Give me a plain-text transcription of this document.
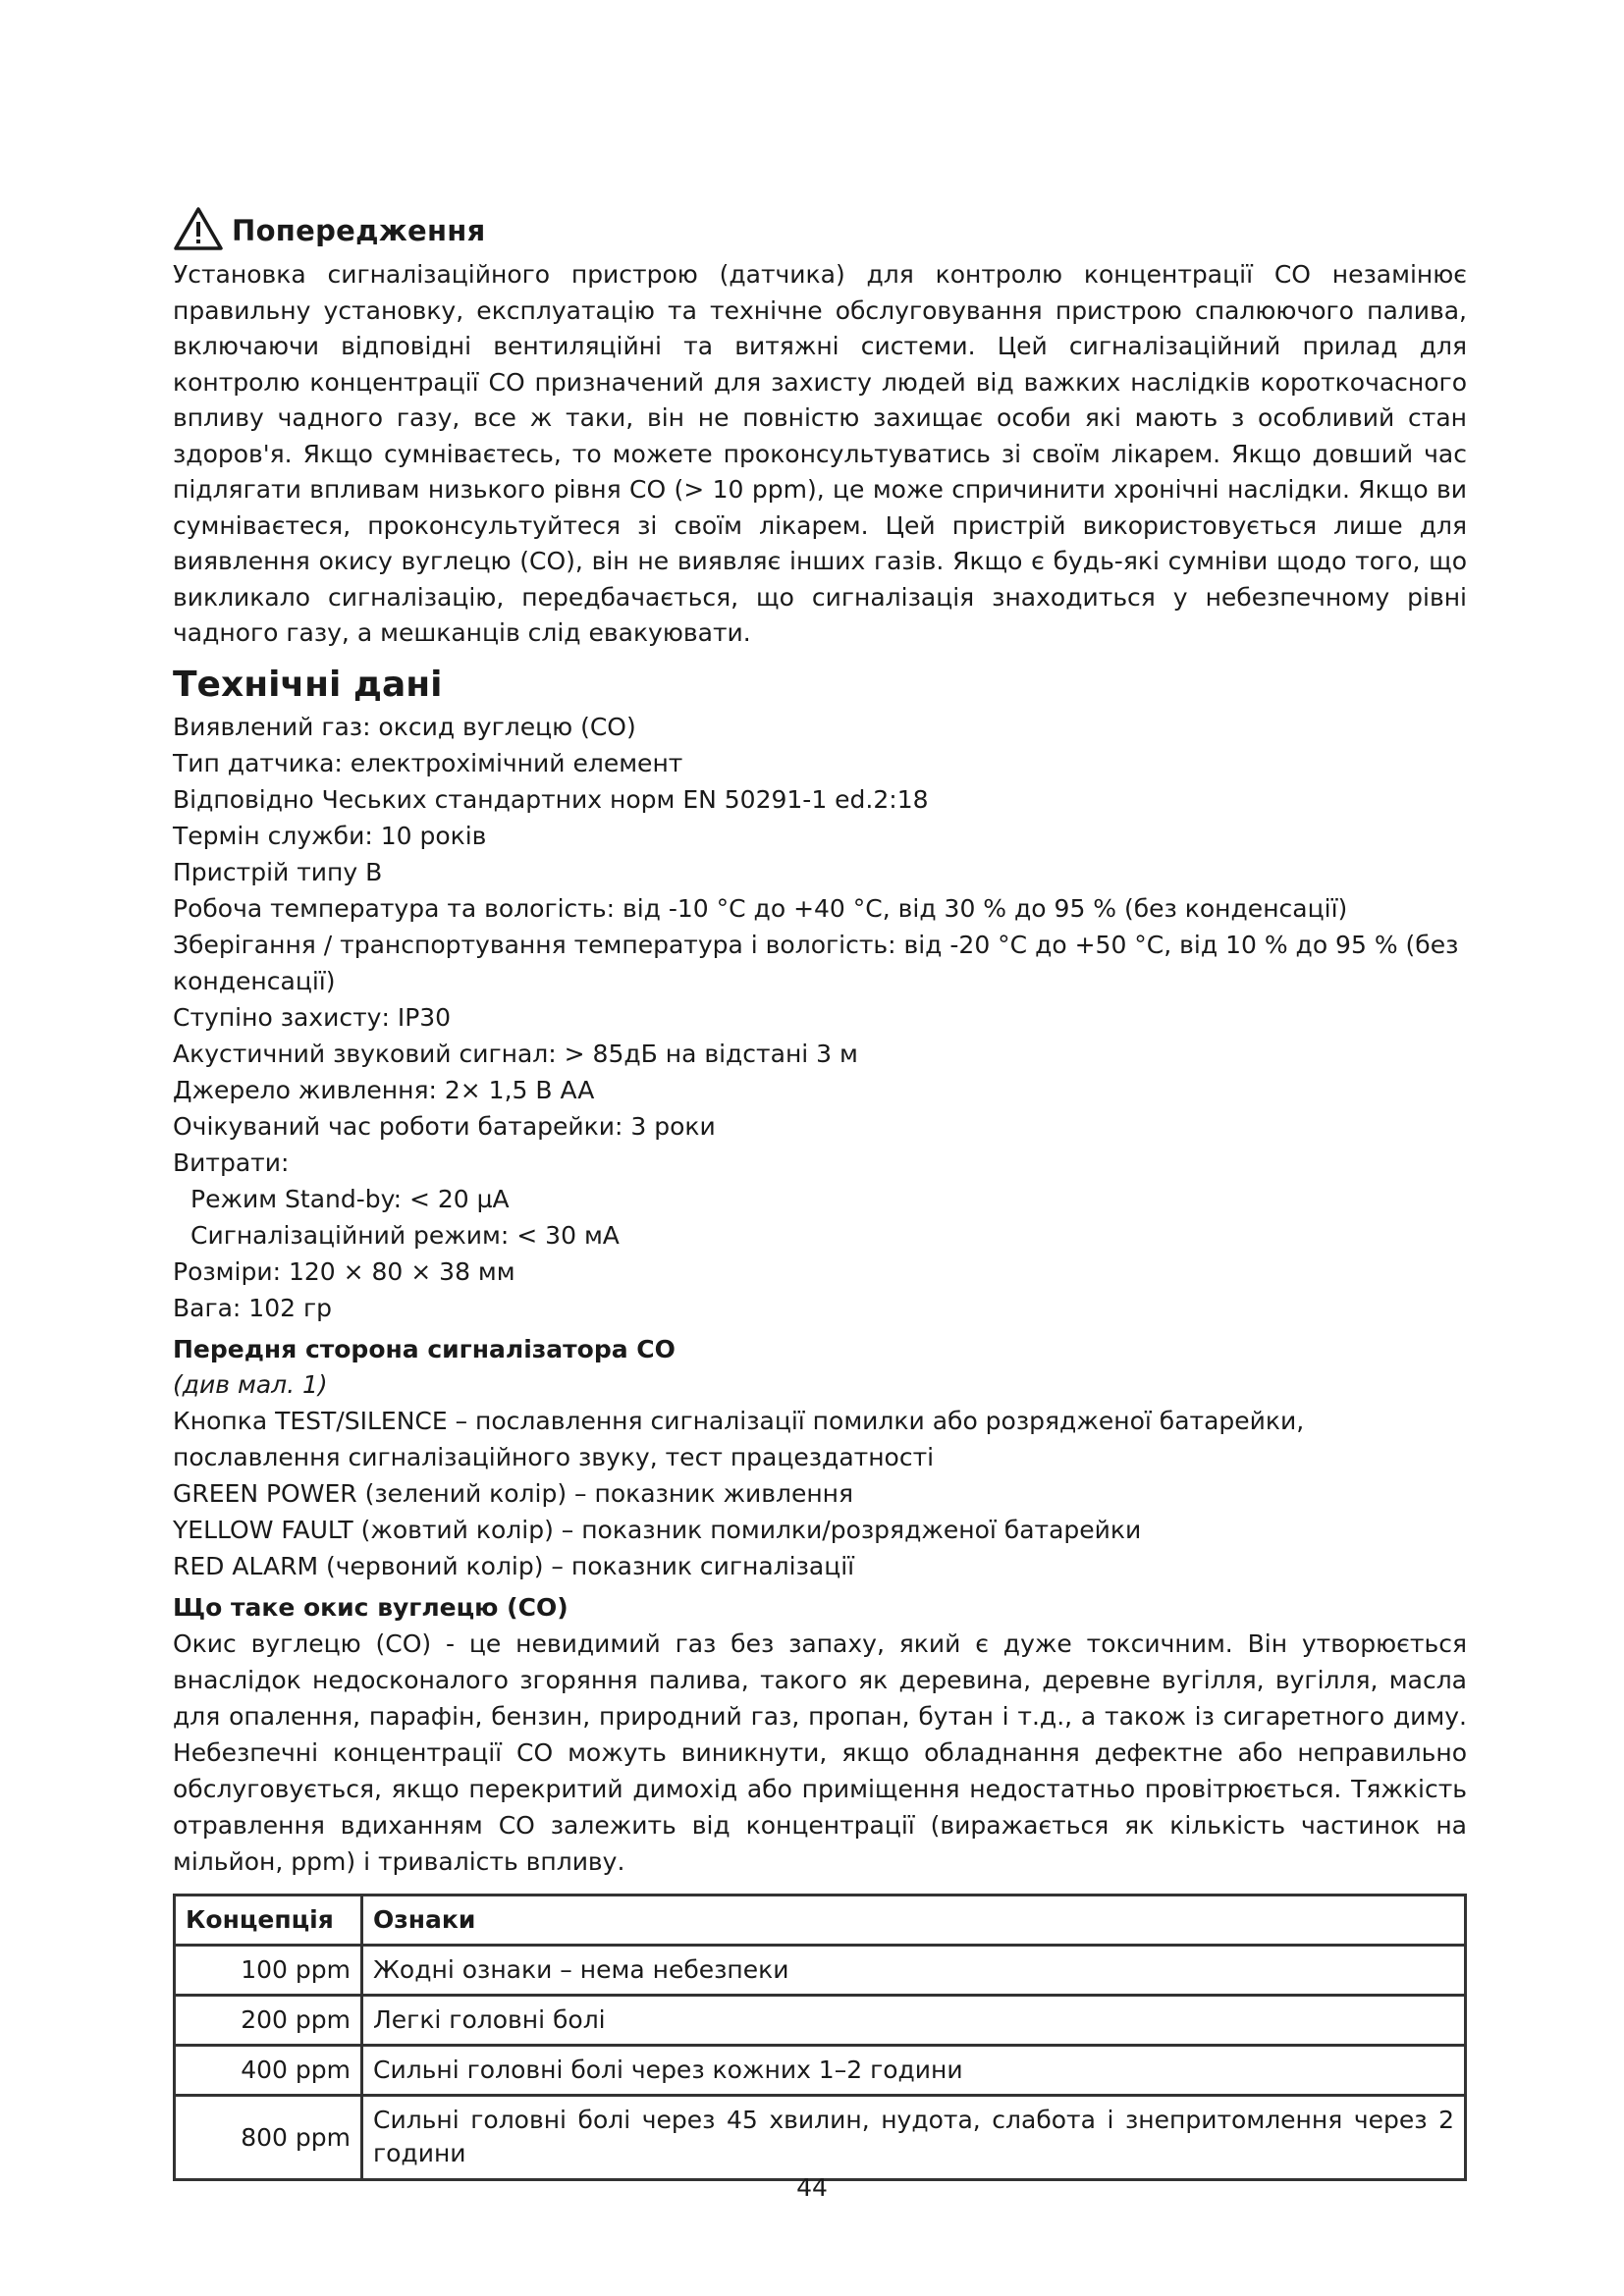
Попередження

Установка сигналізаційного пристрою (датчика) для контролю концентрації CO незамінює правильну установку, експлуатацію та технічне обслуговування пристрою спалюючого палива, включаючи відповідні вентиляційні та витяжні системи. Цей сигналізаційний прилад для контролю концентрації CO призначений для захисту людей від важких наслідків короткочасного впливу чадного газу, все ж таки, він не повністю захищає особи які мають з особливий стан здоров'я. Якщо сумніваєтесь, то можете проконсультуватись зі своїм лікарем. Якщо довший час підлягати впливам низького рівня CO (> 10 ppm), це може спричинити хронічні наслідки. Якщо ви сумніваєтеся, проконсультуйтеся зі своїм лікарем. Цей пристрій використовується лише для виявлення окису вуглецю (CO), він не виявляє інших газів. Якщо є будь-які сумніви щодо того, що викликало сигналізацію, передбачається, що сигналізація знаходиться у небезпечному рівні чадного газу, а мешканців слід евакуювати.

Технічні дані
Виявлений газ: оксид вуглецю (CO)
Тип датчика: електрохімічний елемент
Відповідно Чеських стандартних норм EN 50291-1 ed.2:18
Термін служби: 10 років
Пристрій типу B
Робоча температура та вологість: від -10 °C до +40 °C, від 30 % до 95 % (без конденсації)
Зберігання / транспортування температура і вологість: від -20 °C до +50 °C, від 10 % до 95 % (без конденсації)
Ступіно захисту: IP30
Акустичний звуковий сигнал: > 85дБ на відстані 3 м
Джерело живлення: 2× 1,5 В AA
Очікуваний час роботи батарейки: 3 роки
Витрати:
Режим Stand-by: < 20 µA
Сигналізаційний режим: < 30 мА
Розміри: 120 × 80 × 38 мм
Вага: 102 гр
Передня сторона сигналізатора CO
(див мал. 1)

Кнопка TEST/SILENCE – пославлення сигналізації помилки або розрядженої батарейки, пославлення сигналізаційного звуку, тест працездатності

GREEN POWER (зелений колір) – показник живлення

YELLOW FAULT (жовтий колір) – показник помилки/розрядженої батарейки

RED ALARM (червоний колір) – показник сигналізації

Що таке окис вуглецю (CO)

Окис вуглецю (CO) - це невидимий газ без запаху, який є дуже токсичним. Він утворюється внаслідок недосконалого згоряння палива, такого як деревина, деревне вугілля, вугілля, масла для опалення, парафін, бензин, природний газ, пропан, бутан і т.д., а також із сигаретного диму. Небезпечні концентрації CO можуть виникнути, якщо обладнання дефектне або неправильно обслуговується, якщо перекритий димохід або приміщення недостатньо провітрюється. Тяжкість отравлення вдиханням CO залежить від концентрації (виражається як кількість частинок на мільйон, ppm) і тривалість впливу.

Концепція	Ознаки
100 ppm	Жодні ознаки – нема небезпеки
200 ppm	Легкі головні болі
400 ppm	Сильні головні болі через кожних 1–2 години
800 ppm	Сильні головні болі через 45 хвилин, нудота, слабота і знепритомлення через 2 години
44
